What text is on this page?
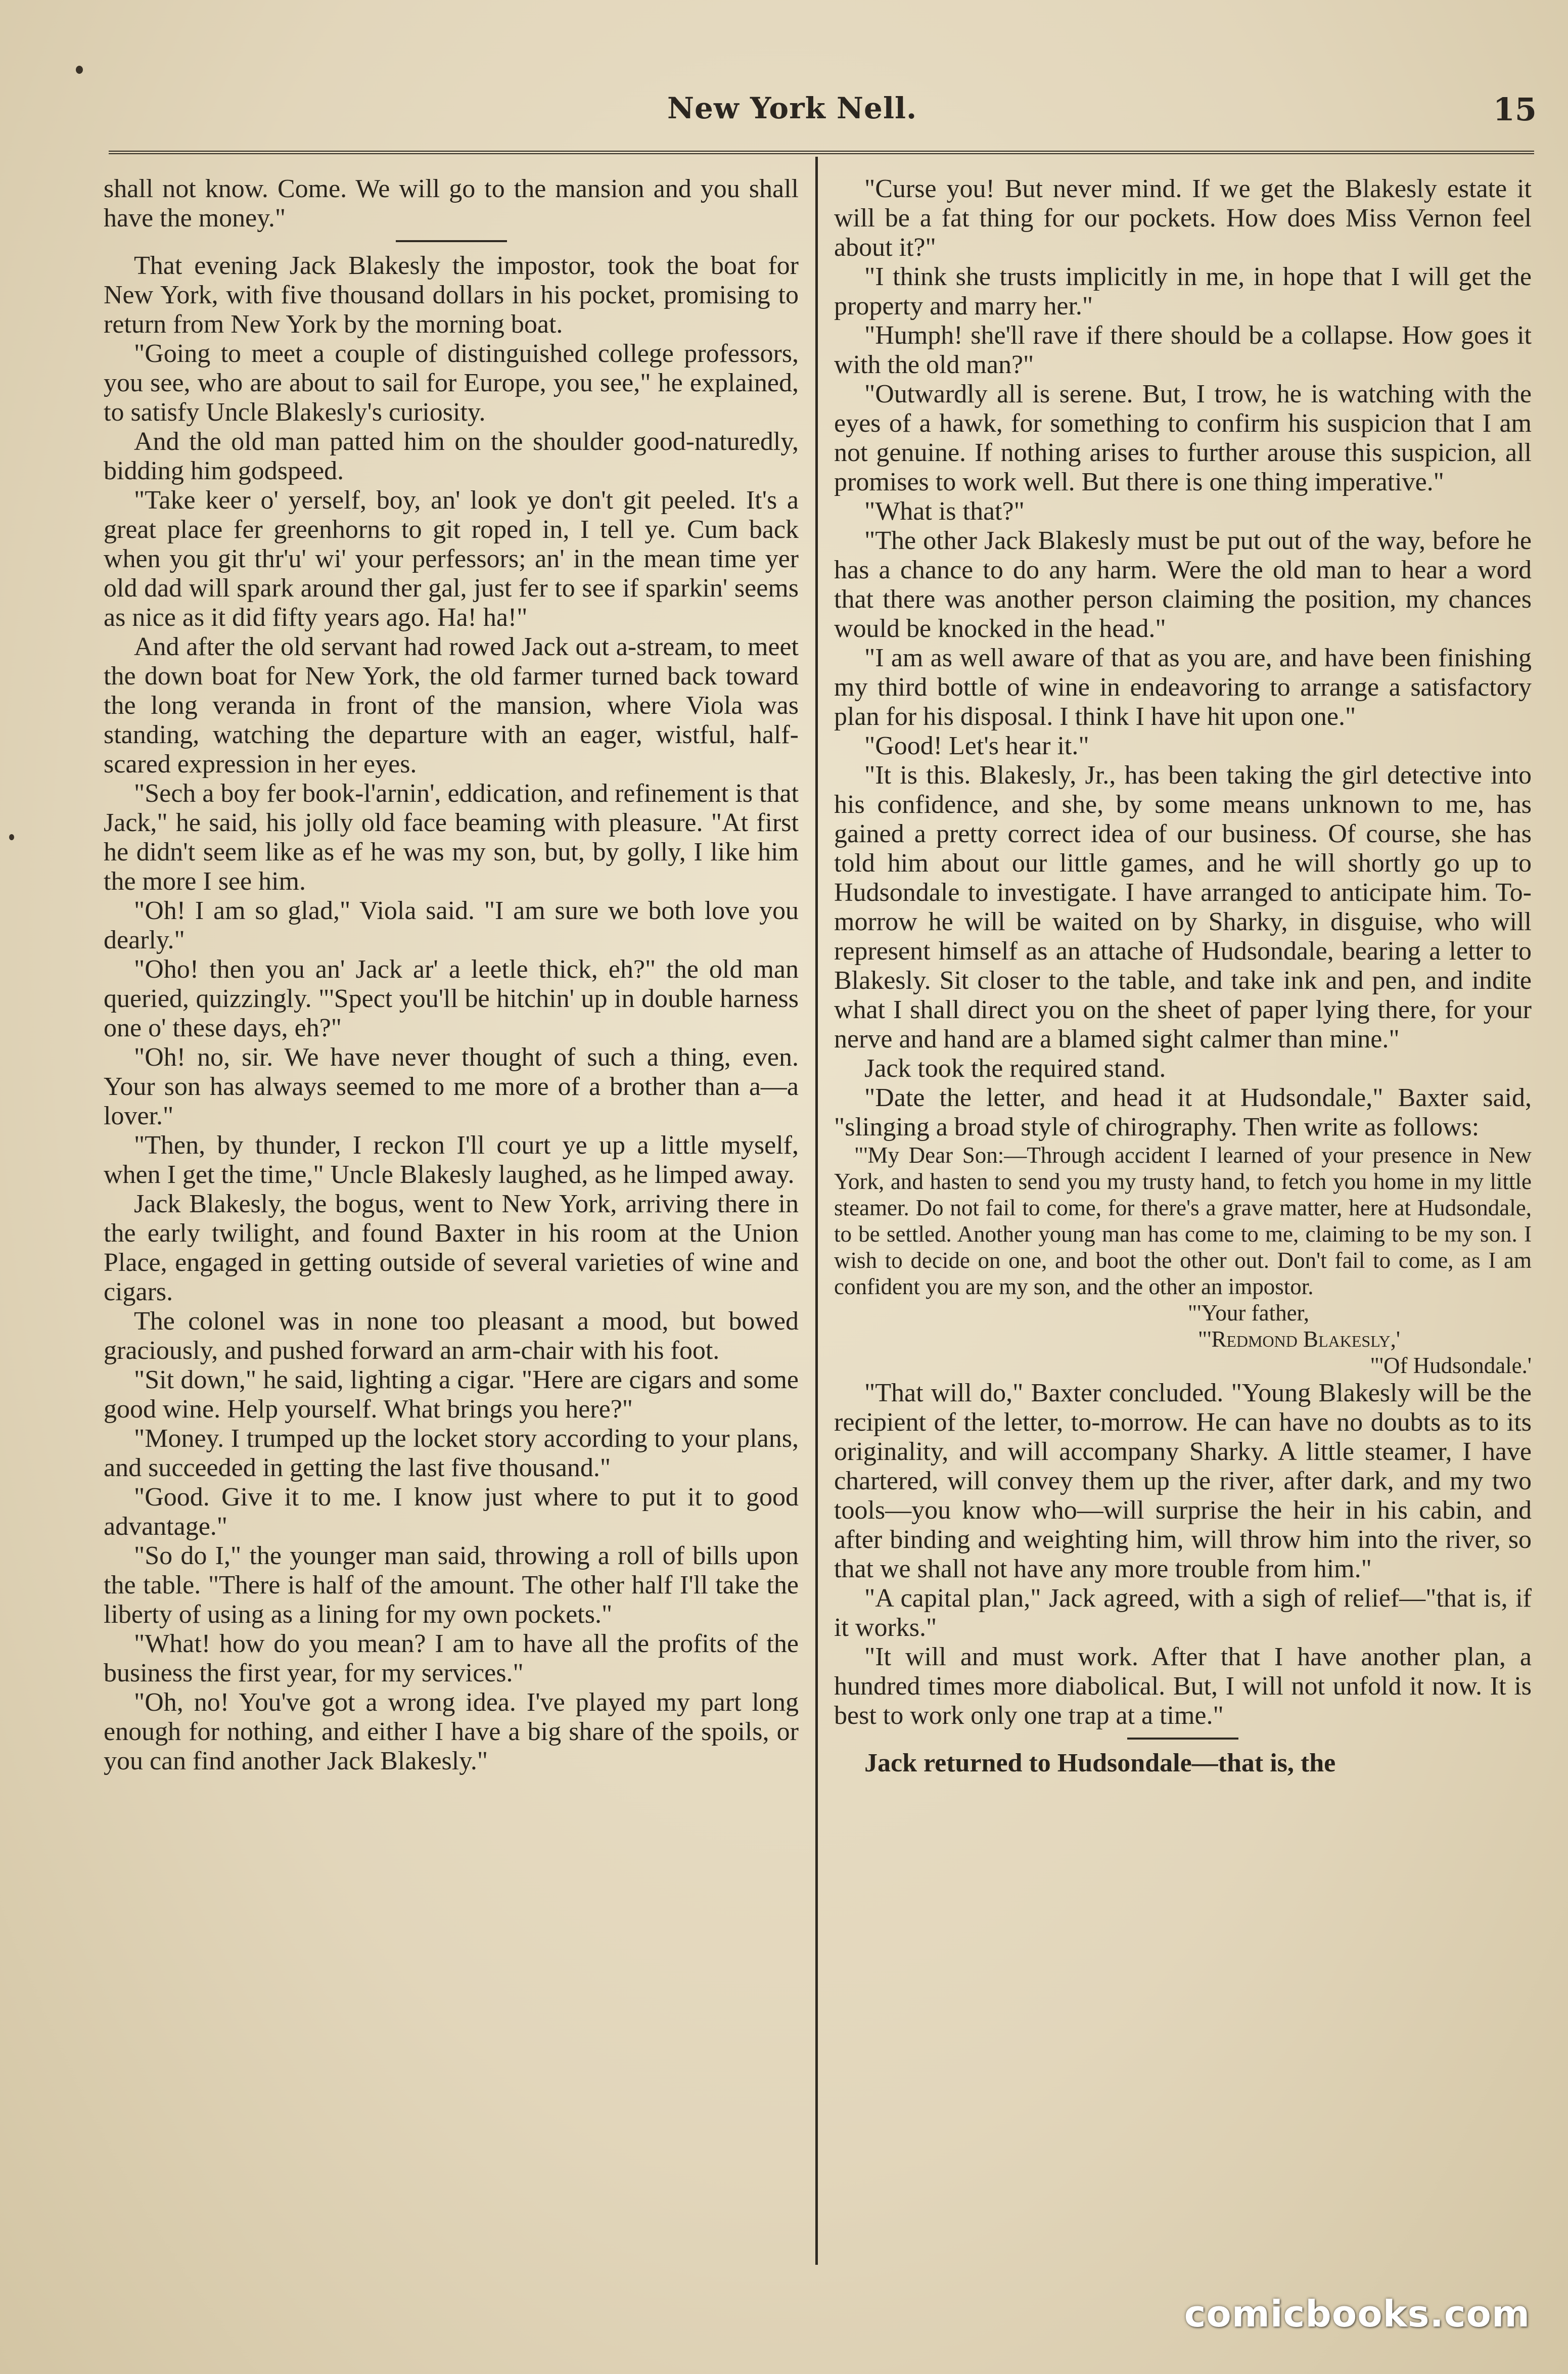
New York Nell.	15

shall not know. Come. We will go to the mansion and you shall have the money."

That evening Jack Blakesly the impostor, took the boat for New York, with five thousand dollars in his pocket, promising to return from New York by the morning boat.

"Going to meet a couple of distinguished college professors, you see, who are about to sail for Europe, you see," he explained, to satisfy Uncle Blakesly's curiosity.

And the old man patted him on the shoulder good-naturedly, bidding him godspeed.

"Take keer o' yerself, boy, an' look ye don't git peeled. It's a great place fer greenhorns to git roped in, I tell ye. Cum back when you git thr'u' wi' your perfessors; an' in the mean time yer old dad will spark around ther gal, just fer to see if sparkin' seems as nice as it did fifty years ago. Ha! ha!"

And after the old servant had rowed Jack out a-stream, to meet the down boat for New York, the old farmer turned back toward the long veranda in front of the mansion, where Viola was standing, watching the departure with an eager, wistful, half-scared expression in her eyes.

"Sech a boy fer book-l'arnin', eddication, and refinement is that Jack," he said, his jolly old face beaming with pleasure. "At first he didn't seem like as ef he was my son, but, by golly, I like him the more I see him.

"Oh! I am so glad," Viola said. "I am sure we both love you dearly."

"Oho! then you an' Jack ar' a leetle thick, eh?" the old man queried, quizzingly. "'Spect you'll be hitchin' up in double harness one o' these days, eh?"

"Oh! no, sir. We have never thought of such a thing, even. Your son has always seemed to me more of a brother than a—a lover."

"Then, by thunder, I reckon I'll court ye up a little myself, when I get the time," Uncle Blakesly laughed, as he limped away.

Jack Blakesly, the bogus, went to New York, arriving there in the early twilight, and found Baxter in his room at the Union Place, engaged in getting outside of several varieties of wine and cigars.

The colonel was in none too pleasant a mood, but bowed graciously, and pushed forward an arm-chair with his foot.

"Sit down," he said, lighting a cigar. "Here are cigars and some good wine. Help yourself. What brings you here?"

"Money. I trumped up the locket story according to your plans, and succeeded in getting the last five thousand."

"Good. Give it to me. I know just where to put it to good advantage."

"So do I," the younger man said, throwing a roll of bills upon the table. "There is half of the amount. The other half I'll take the liberty of using as a lining for my own pockets."

"What! how do you mean? I am to have all the profits of the business the first year, for my services."

"Oh, no! You've got a wrong idea. I've played my part long enough for nothing, and either I have a big share of the spoils, or you can find another Jack Blakesly."

"Curse you! But never mind. If we get the Blakesly estate it will be a fat thing for our pockets. How does Miss Vernon feel about it?"

"I think she trusts implicitly in me, in hope that I will get the property and marry her."

"Humph! she'll rave if there should be a collapse. How goes it with the old man?"

"Outwardly all is serene. But, I trow, he is watching with the eyes of a hawk, for something to confirm his suspicion that I am not genuine. If nothing arises to further arouse this suspicion, all promises to work well. But there is one thing imperative."

"What is that?"

"The other Jack Blakesly must be put out of the way, before he has a chance to do any harm. Were the old man to hear a word that there was another person claiming the position, my chances would be knocked in the head."

"I am as well aware of that as you are, and have been finishing my third bottle of wine in endeavoring to arrange a satisfactory plan for his disposal. I think I have hit upon one."

"Good! Let's hear it."

"It is this. Blakesly, Jr., has been taking the girl detective into his confidence, and she, by some means unknown to me, has gained a pretty correct idea of our business. Of course, she has told him about our little games, and he will shortly go up to Hudsondale to investigate. I have arranged to anticipate him. To-morrow he will be waited on by Sharky, in disguise, who will represent himself as an attache of Hudsondale, bearing a letter to Blakesly. Sit closer to the table, and take ink and pen, and indite what I shall direct you on the sheet of paper lying there, for your nerve and hand are a blamed sight calmer than mine."

Jack took the required stand.

"Date the letter, and head it at Hudsondale," Baxter said, "slinging a broad style of chirography. Then write as follows:

"'My Dear Son:—Through accident I learned of your presence in New York, and hasten to send you my trusty hand, to fetch you home in my little steamer. Do not fail to come, for there's a grave matter, here at Hudsondale, to be settled. Another young man has come to me, claiming to be my son. I wish to decide on one, and boot the other out. Don't fail to come, as I am confident you are my son, and the other an impostor.

"'Your father,

"'Redmond Blakesly,'

"'Of Hudsondale.'

"That will do," Baxter concluded. "Young Blakesly will be the recipient of the letter, to-morrow. He can have no doubts as to its originality, and will accompany Sharky. A little steamer, I have chartered, will convey them up the river, after dark, and my two tools—you know who—will surprise the heir in his cabin, and after binding and weighting him, will throw him into the river, so that we shall not have any more trouble from him."

"A capital plan," Jack agreed, with a sigh of relief—"that is, if it works."

"It will and must work. After that I have another plan, a hundred times more diabolical. But, I will not unfold it now. It is best to work only one trap at a time."

Jack returned to Hudsondale—that is, the

comicbooks.com
